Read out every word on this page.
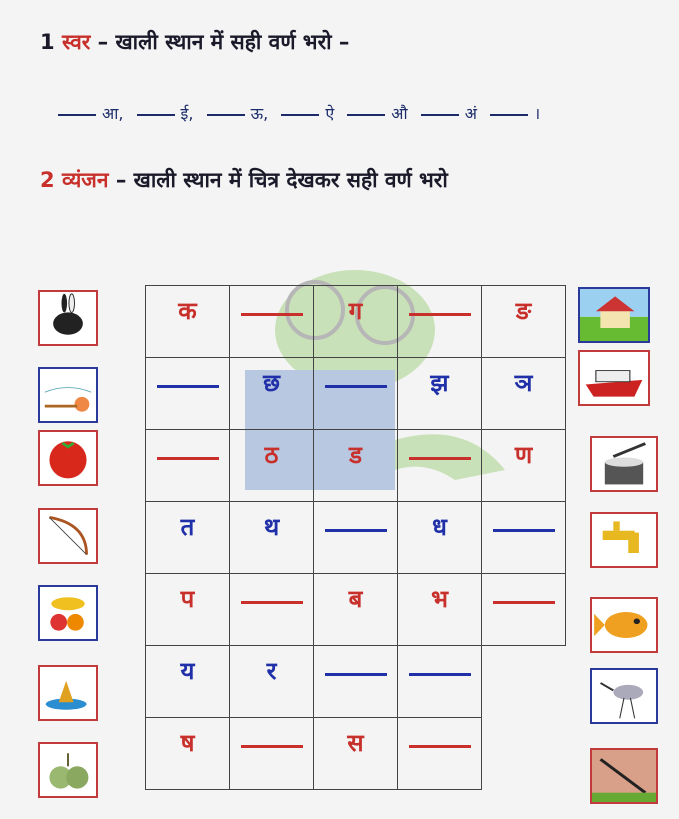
1 स्वर – खाली स्थान में सही वर्ण भरो –
आ,	ई,	ऊ,	ऐ	औ	अं	।
2 व्यंजन – खाली स्थान में चित्र देखकर सही वर्ण भरो
क		ग		ङ
	छ		झ	ञ
	ठ	ड		ण
त	थ		ध	
प		ब	भ	
य	र			
ष		स		
